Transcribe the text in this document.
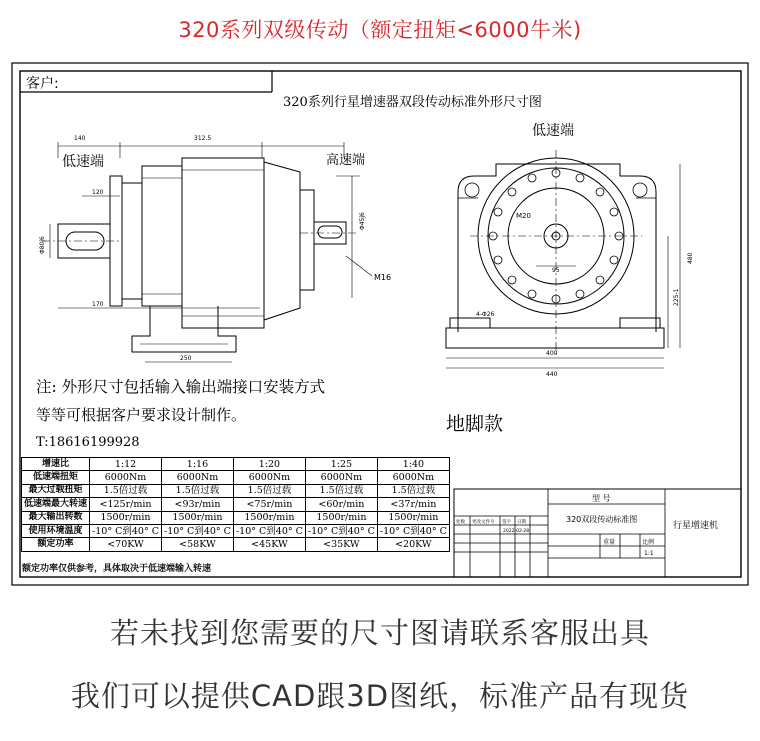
320系列双级传动（额定扭矩<6000牛米)
客户:
320系列行星增速器双段传动标准外形尺寸图
140	312.5
120
170
250
Φ80j6
Φ45j6
M16
低速端	高速端
低速端
M20
95
400
440
480
225-1
4-Φ26
地脚款
注: 外形尺寸包括输入输出端接口安装方式
等等可根据客户要求设计制作。
T:18616199928
型 号
320双段传动标准图
行星增速机
处数 更改文件号 签字 日期
2022-02-28
重量	比例
1:1
增速比	1:12	1:16	1:20	1:25	1:40
低速端扭矩	6000Nm	6000Nm	6000Nm	6000Nm	6000Nm
最大过载扭矩	1.5倍过载	1.5倍过载	1.5倍过载	1.5倍过载	1.5倍过载
低速端最大转速	<125r/min	<93r/min	<75r/min	<60r/min	<37r/min
最大输出转数	1500r/min	1500r/min	1500r/min	1500r/min	1500r/min
使用环境温度	-10° C到40° C	-10° C到40° C	-10° C到40° C	-10° C到40° C	-10° C到40° C
额定功率	<70KW	<58KW	<45KW	<35KW	<20KW
额定功率仅供参考，具体取决于低速端输入转速
若未找到您需要的尺寸图请联系客服出具
我们可以提供CAD跟3D图纸，标准产品有现货
